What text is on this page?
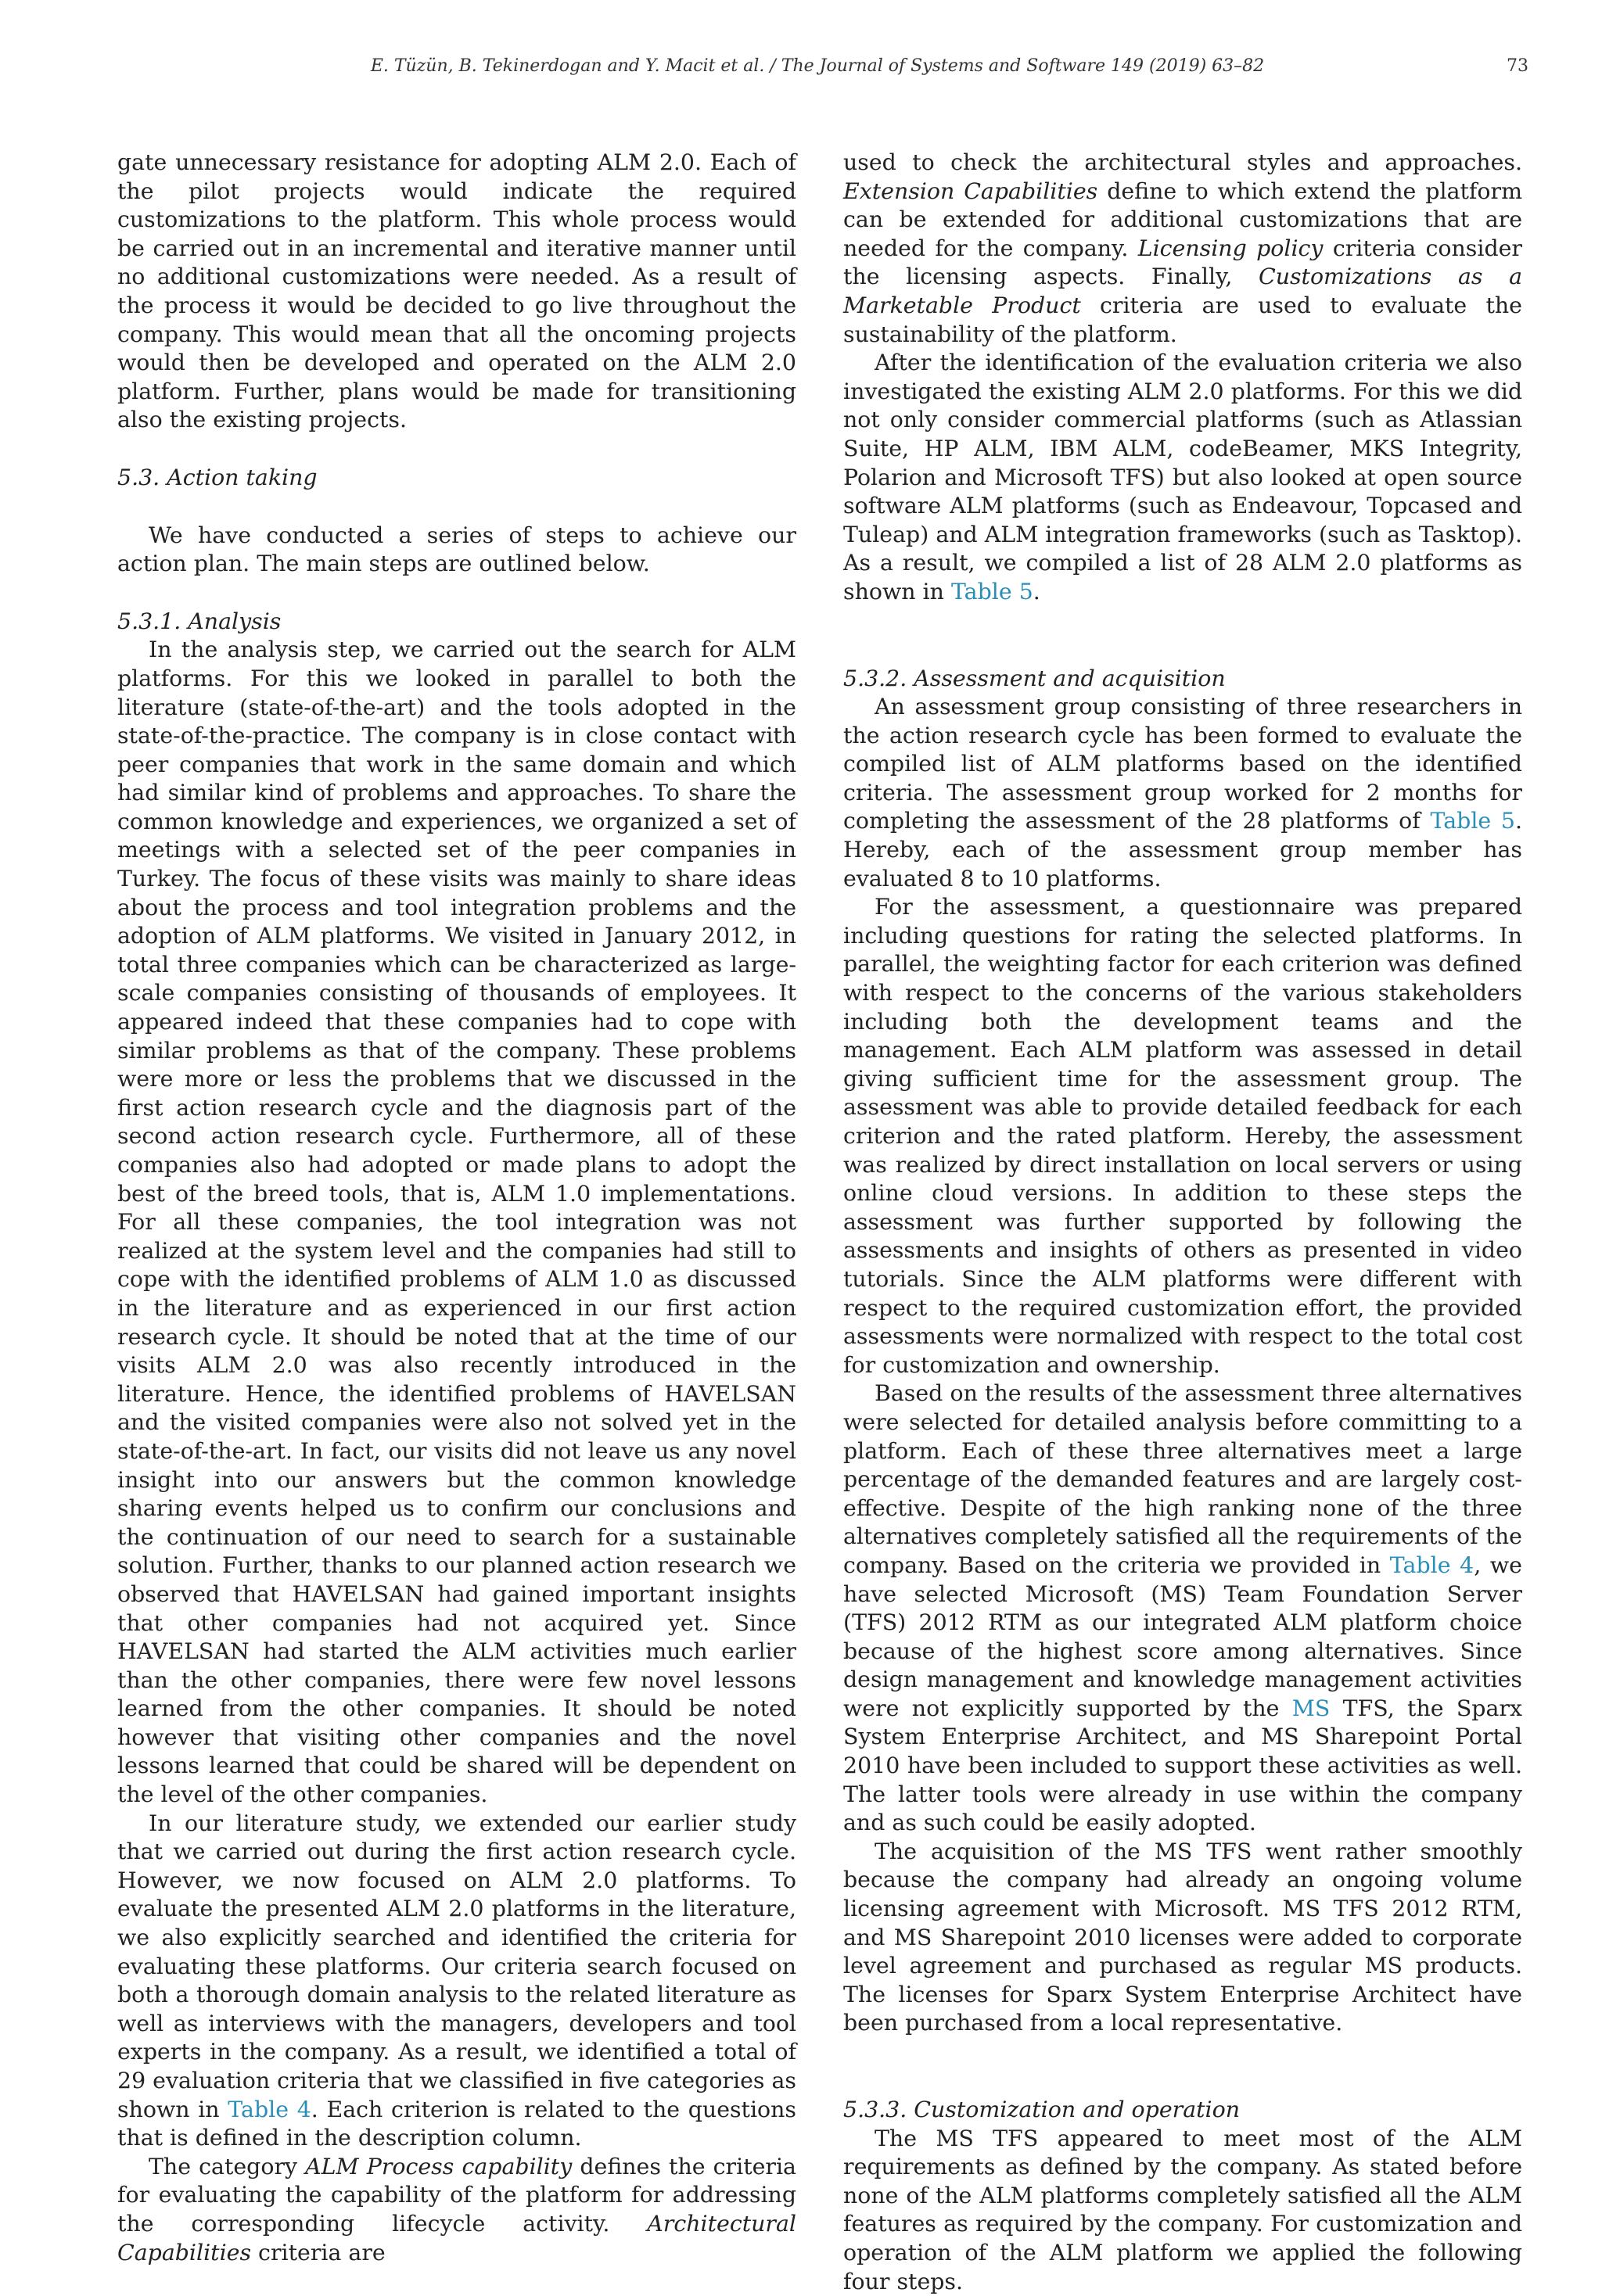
E. Tüzün, B. Tekinerdogan and Y. Macit et al. / The Journal of Systems and Software 149 (2019) 63–82	73

gate unnecessary resistance for adopting ALM 2.0. Each of the pilot projects would indicate the required customizations to the platform. This whole process would be carried out in an incremental and iterative manner until no additional customizations were needed. As a result of the process it would be decided to go live throughout the company. This would mean that all the oncoming projects would then be developed and operated on the ALM 2.0 platform. Further, plans would be made for transitioning also the existing projects.

5.3. Action taking

We have conducted a series of steps to achieve our action plan. The main steps are outlined below.

5.3.1. Analysis

In the analysis step, we carried out the search for ALM platforms. For this we looked in parallel to both the literature (state-of-the-art) and the tools adopted in the state-of-the-practice. The company is in close contact with peer companies that work in the same domain and which had similar kind of problems and approaches. To share the common knowledge and experiences, we organized a set of meetings with a selected set of the peer companies in Turkey. The focus of these visits was mainly to share ideas about the process and tool integration problems and the adoption of ALM platforms. We visited in January 2012, in total three companies which can be characterized as large-scale companies consisting of thousands of employees. It appeared indeed that these companies had to cope with similar problems as that of the company. These problems were more or less the problems that we discussed in the first action research cycle and the diagnosis part of the second action research cycle. Furthermore, all of these companies also had adopted or made plans to adopt the best of the breed tools, that is, ALM 1.0 implementations. For all these companies, the tool integration was not realized at the system level and the companies had still to cope with the identified problems of ALM 1.0 as discussed in the literature and as experienced in our first action research cycle. It should be noted that at the time of our visits ALM 2.0 was also recently introduced in the literature. Hence, the identified problems of HAVELSAN and the visited companies were also not solved yet in the state-of-the-art. In fact, our visits did not leave us any novel insight into our answers but the common knowledge sharing events helped us to confirm our conclusions and the continuation of our need to search for a sustainable solution. Further, thanks to our planned action research we observed that HAVELSAN had gained important insights that other companies had not acquired yet. Since HAVELSAN had started the ALM activities much earlier than the other companies, there were few novel lessons learned from the other companies. It should be noted however that visiting other companies and the novel lessons learned that could be shared will be dependent on the level of the other companies.

In our literature study, we extended our earlier study that we carried out during the first action research cycle. However, we now focused on ALM 2.0 platforms. To evaluate the presented ALM 2.0 platforms in the literature, we also explicitly searched and identified the criteria for evaluating these platforms. Our criteria search focused on both a thorough domain analysis to the related literature as well as interviews with the managers, developers and tool experts in the company. As a result, we identified a total of 29 evaluation criteria that we classified in five categories as shown in Table 4. Each criterion is related to the questions that is defined in the description column.

The category ALM Process capability defines the criteria for evaluating the capability of the platform for addressing the corresponding lifecycle activity. Architectural Capabilities criteria are

used to check the architectural styles and approaches. Extension Capabilities define to which extend the platform can be extended for additional customizations that are needed for the company. Licensing policy criteria consider the licensing aspects. Finally, Customizations as a Marketable Product criteria are used to evaluate the sustainability of the platform.

After the identification of the evaluation criteria we also investigated the existing ALM 2.0 platforms. For this we did not only consider commercial platforms (such as Atlassian Suite, HP ALM, IBM ALM, codeBeamer, MKS Integrity, Polarion and Microsoft TFS) but also looked at open source software ALM platforms (such as Endeavour, Topcased and Tuleap) and ALM integration frameworks (such as Tasktop). As a result, we compiled a list of 28 ALM 2.0 platforms as shown in Table 5.

5.3.2. Assessment and acquisition

An assessment group consisting of three researchers in the action research cycle has been formed to evaluate the compiled list of ALM platforms based on the identified criteria. The assessment group worked for 2 months for completing the assessment of the 28 platforms of Table 5. Hereby, each of the assessment group member has evaluated 8 to 10 platforms.

For the assessment, a questionnaire was prepared including questions for rating the selected platforms. In parallel, the weighting factor for each criterion was defined with respect to the concerns of the various stakeholders including both the development teams and the management. Each ALM platform was assessed in detail giving sufficient time for the assessment group. The assessment was able to provide detailed feedback for each criterion and the rated platform. Hereby, the assessment was realized by direct installation on local servers or using online cloud versions. In addition to these steps the assessment was further supported by following the assessments and insights of others as presented in video tutorials. Since the ALM platforms were different with respect to the required customization effort, the provided assessments were normalized with respect to the total cost for customization and ownership.

Based on the results of the assessment three alternatives were selected for detailed analysis before committing to a platform. Each of these three alternatives meet a large percentage of the demanded features and are largely cost-effective. Despite of the high ranking none of the three alternatives completely satisfied all the requirements of the company. Based on the criteria we provided in Table 4, we have selected Microsoft (MS) Team Foundation Server (TFS) 2012 RTM as our integrated ALM platform choice because of the highest score among alternatives. Since design management and knowledge management activities were not explicitly supported by the MS TFS, the Sparx System Enterprise Architect, and MS Sharepoint Portal 2010 have been included to support these activities as well. The latter tools were already in use within the company and as such could be easily adopted.

The acquisition of the MS TFS went rather smoothly because the company had already an ongoing volume licensing agreement with Microsoft. MS TFS 2012 RTM, and MS Sharepoint 2010 licenses were added to corporate level agreement and purchased as regular MS products. The licenses for Sparx System Enterprise Architect have been purchased from a local representative.

5.3.3. Customization and operation

The MS TFS appeared to meet most of the ALM requirements as defined by the company. As stated before none of the ALM platforms completely satisfied all the ALM features as required by the company. For customization and operation of the ALM platform we applied the following four steps.
